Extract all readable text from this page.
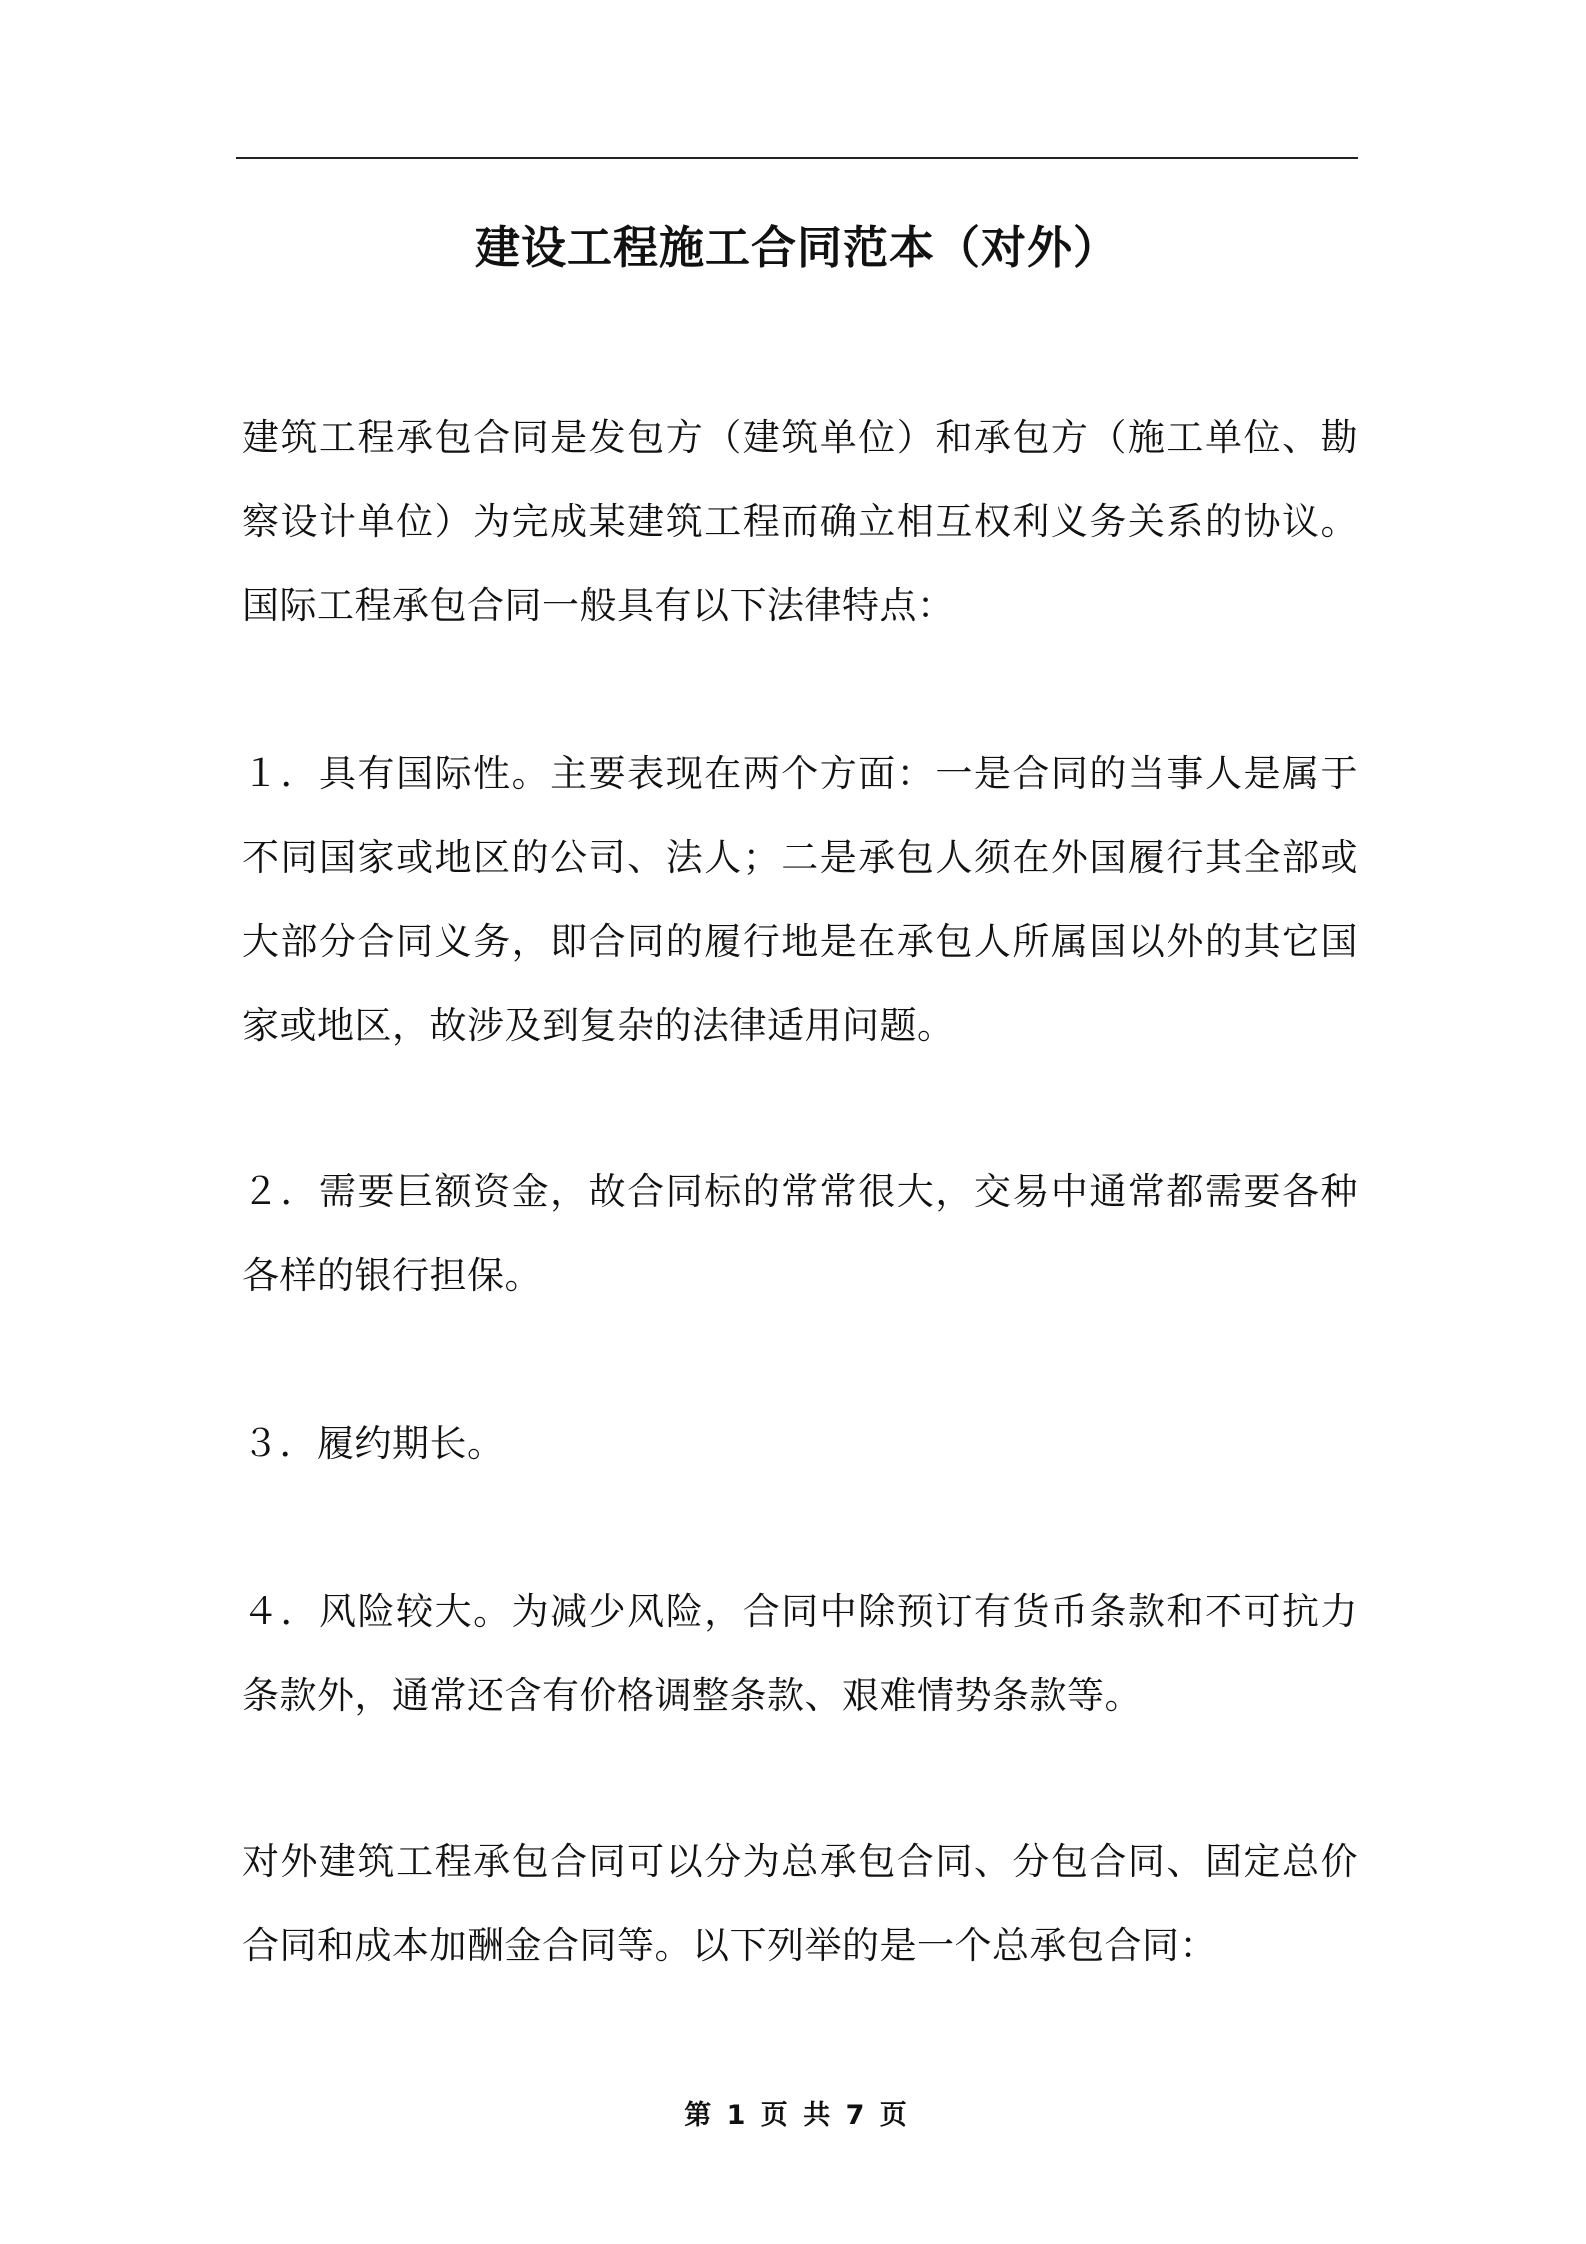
建设工程施工合同范本（对外）
建筑工程承包合同是发包方（建筑单位）和承包方（施工单位、勘察设计单位）为完成某建筑工程而确立相互权利义务关系的协议。国际工程承包合同一般具有以下法律特点：
１．具有国际性。主要表现在两个方面：一是合同的当事人是属于不同国家或地区的公司、法人；二是承包人须在外国履行其全部或大部分合同义务，即合同的履行地是在承包人所属国以外的其它国家或地区，故涉及到复杂的法律适用问题。
２．需要巨额资金，故合同标的常常很大，交易中通常都需要各种各样的银行担保。
３．履约期长。
４．风险较大。为减少风险，合同中除预订有货币条款和不可抗力条款外，通常还含有价格调整条款、艰难情势条款等。
对外建筑工程承包合同可以分为总承包合同、分包合同、固定总价合同和成本加酬金合同等。以下列举的是一个总承包合同：
第 1 页 共 7 页
